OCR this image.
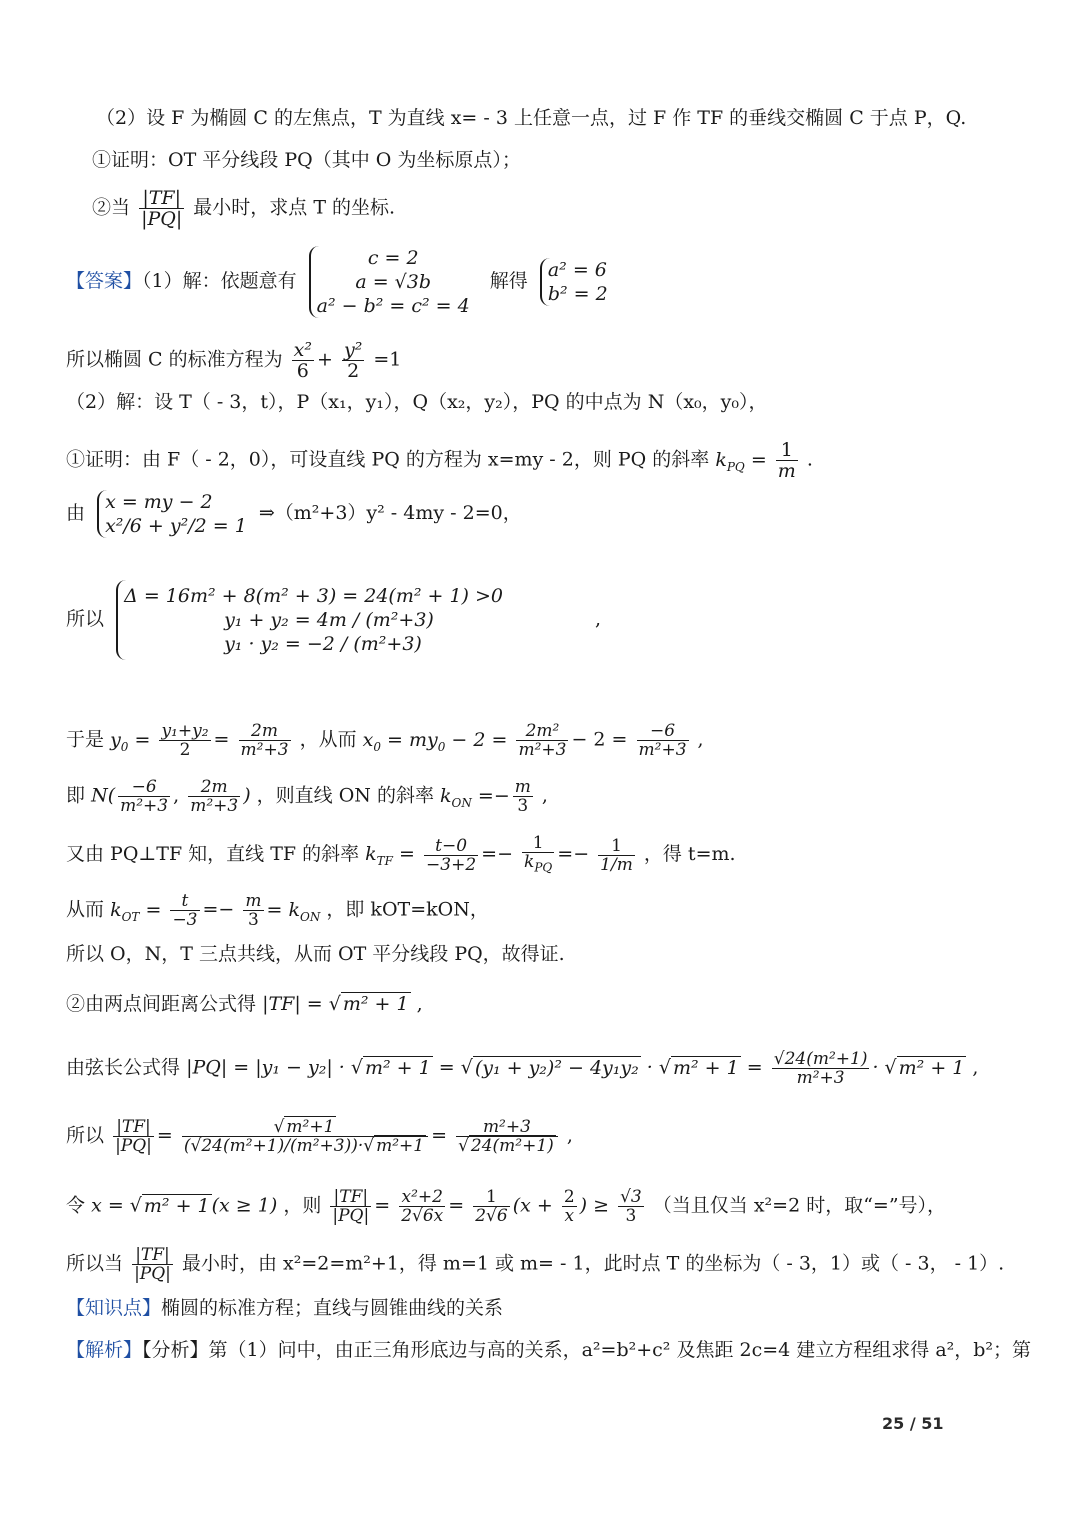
（2）设 F 为椭圆 C 的左焦点，T 为直线 x= - 3 上任意一点，过 F 作 TF 的垂线交椭圆 C 于点 P，Q.
①证明：OT 平分线段 PQ（其中 O 为坐标原点）；
②当 $\frac{|TF|}{|PQ|}$ 最小时，求点 T 的坐标.
【答案】（1）解：依题意有
c = 2
a = √3b
a² − b² = c² = 4
解得 a² = 6
b² = 2
所以椭圆 C 的标准方程为 $\frac{\text{x²}}{6} + \frac{\text{y²}}{2} =1$
（2）解：设 T（ - 3，t），P（x₁，y₁），Q（x₂，y₂），PQ 的中点为 N（x₀，y₀），
①证明：由 F（ - 2，0），可设直线 PQ 的方程为 x=my - 2，则 PQ 的斜率 $k_{PQ} = \frac{1}{m}$ .
由 x = my − 2
x²/6 + y²/2 = 1
⇒（m²+3）y² - 4my - 2=0，
所以
Δ = 16m² + 8(m² + 3) = 24(m² + 1) >0
y₁ + y₂ = 4m / (m²+3)
y₁ · y₂ = −2 / (m²+3)
,
于是 $y_0 = \frac{\text{y₁+y₂}}{2} = \frac{2m}{\text{m²+3}}$ ，从而 $x_0 = my_0 - 2 = \frac{\text{2m²}}{\text{m²+3}} - 2 = \frac{-6}{\text{m²+3}}$ ,
即 $N( \frac{-6}{\text{m²+3}}$ , $\frac{2m}{\text{m²+3}}$ ) ，则直线 ON 的斜率 $k_{ON} =- \frac{m}{3}$ ,
又由 PQ⊥TF 知，直线 TF 的斜率 $k_{TF} = \frac{t-0}{-3+2} =- \frac{1}{k_{PQ}} =- \frac{1}{1/m}$ ，得 t=m.
从而 $k_{OT} = \frac{t}{-3} =- \frac{m}{3} = k_{ON}$ ，即 kOT=kON，
所以 O，N，T 三点共线，从而 OT 平分线段 PQ，故得证.
②由两点间距离公式得 |TF| = √ m² + 1 ,
由弦长公式得 |PQ| = |y₁ − y₂| · √ m² + 1 = √ (y₁ + y₂)² − 4y₁y₂ · √ $m^2 + 1 = \frac{\text{√24(m²+1)}}{\text{m²+3}}$ · √ m² + 1 ,
所以 $\frac{|TF|}{|PQ|} = \frac{\text{√ m²+1}}{\text{(√24(m²+1)/(m²+3))·√ m²+1}} = \frac{\text{m²+3}}{\text{√ 24(m²+1)}}$ ,
令 x = √ m² + 1 (x ≥ 1) ，则 $\frac{|TF|}{|PQ|} = \frac{\text{x²+2}}{2√6x} = \frac{1}{2√6} (x + \frac{2}{x}$ ) ≥ $\frac{√3}{3}$ （当且仅当 x²=2 时，取“=”号），
所以当 $\frac{|TF|}{|PQ|}$ 最小时，由 x²=2=m²+1，得 m=1 或 m= - 1，此时点 T 的坐标为（ - 3，1）或（ - 3， - 1）.
【知识点】椭圆的标准方程；直线与圆锥曲线的关系
【解析】【分析】第（1）问中，由正三角形底边与高的关系，a²=b²+c² 及焦距 2c=4 建立方程组求得 a²，b²；第
25 / 51
